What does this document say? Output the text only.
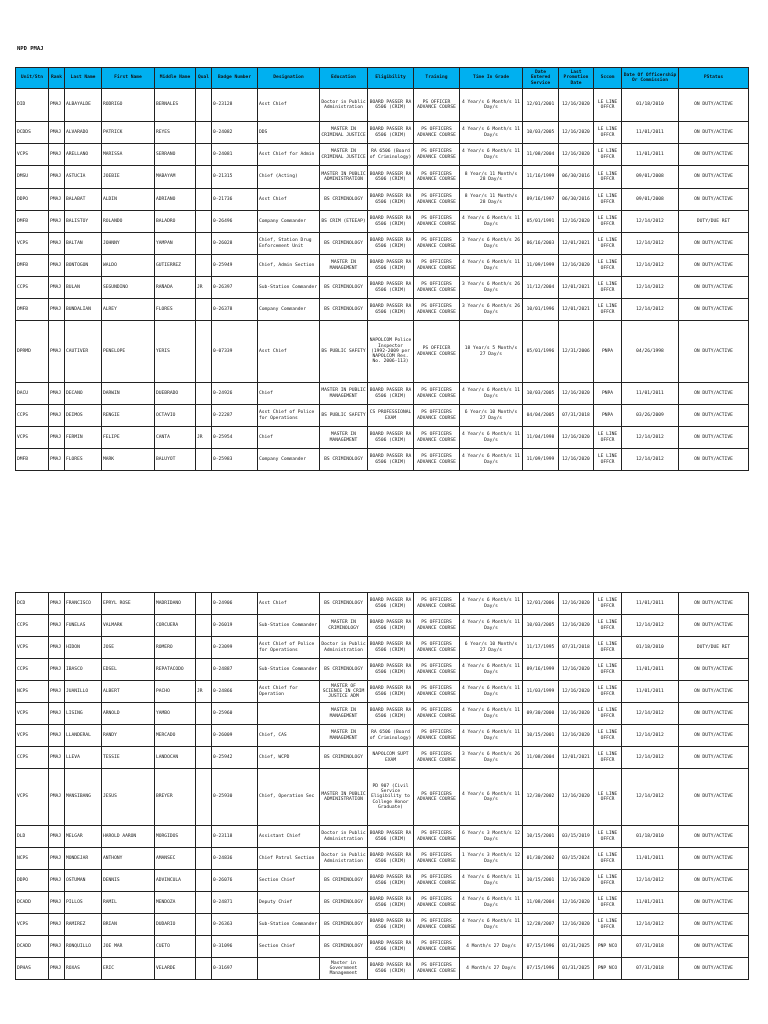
NPD PMAJ
Unit/Stn	Rank	Last Name	First Name	Middle Name	Qual	Badge Number	Designation	Education	Eligibility	Training	Time In Grade	Date Entered Service	Last Promotion Date	Sccom	Date Of Officership Or Commission	PStatus
DID	PMAJ	ALBAYALDE	RODRIGO	BERNALES		0-23128	Asst Chief	Doctor in Public Administration	BOARD PASSER RA 6506 (CRIM)	PS OFFICER ADVANCE COURSE	4 Year/s 6 Month/s 11 Day/s	12/01/2001	12/16/2020	LE LINE OFFCR	01/18/2010	ON DUTY/ACTIVE
DCDDS	PMAJ	ALVARADO	PATRICK	REYES		0-24082	DDS	MASTER IN CRIMINAL JUSTICE	BOARD PASSER RA 6506 (CRIM)	PS OFFICERS ADVANCE COURSE	4 Year/s 6 Month/s 11 Day/s	10/03/2005	12/16/2020	LE LINE OFFCR	11/01/2011	ON DUTY/ACTIVE
VCPS	PMAJ	ARELLANO	MARISSA	SERRANO		0-24081	Asst Chief for Admin	MASTER IN CRIMINAL JUSTICE	RA 6506 (Board of Criminology)	PS OFFICERS ADVANCE COURSE	4 Year/s 6 Month/s 11 Day/s	11/08/2004	12/16/2020	LE LINE OFFCR	11/01/2011	ON DUTY/ACTIVE
DMSU	PMAJ	ASTUCIA	JOEBIE	MABAYAM		0-21315	Chief (Acting)	MASTER IN PUBLIC ADMINISTRATION	BOARD PASSER RA 6506 (CRIM)	PS OFFICERS ADVANCE COURSE	8 Year/s 11 Month/s 28 Day/s	11/16/1999	06/30/2016	LE LINE OFFCR	09/01/2008	ON DUTY/ACTIVE
DDPO	PMAJ	BALABAT	ALDIN	ADRIANO		0-21736	Asst Chief	BS CRIMINOLOGY	BOARD PASSER RA 6506 (CRIM)	PS OFFICERS ADVANCE COURSE	8 Year/s 11 Month/s 28 Day/s	09/16/1997	06/30/2016	LE LINE OFFCR	09/01/2008	ON DUTY/ACTIVE
DMFB	PMAJ	BALISTOY	ROLANDO	BALADRO		0-26496	Company Commander	BS CRIM (ETEEAP)	BOARD PASSER RA 6506 (CRIM)	PS OFFICERS ADVANCE COURSE	4 Year/s 6 Month/s 11 Day/s	05/01/1991	12/16/2020	LE LINE OFFCR	12/14/2012	DUTY/DUE RET
VCPS	PMAJ	BALTAN	JOHNNY	YAMPAN		0-26028	Chief, Station Drug Enforcement Unit	BS CRIMINOLOGY	BOARD PASSER RA 6506 (CRIM)	PS OFFICERS ADVANCE COURSE	3 Year/s 6 Month/s 26 Day/s	06/16/2003	12/01/2021	LE LINE OFFCR	12/14/2012	ON DUTY/ACTIVE
DMFB	PMAJ	BONTOGON	WALDO	GUTIERREZ		0-25949	Chief, Admin Section	MASTER IN MANAGEMENT	BOARD PASSER RA 6506 (CRIM)	PS OFFICERS ADVANCE COURSE	4 Year/s 6 Month/s 11 Day/s	11/09/1999	12/16/2020	LE LINE OFFCR	12/14/2012	ON DUTY/ACTIVE
CCPS	PMAJ	BULAN	SEGUNDINO	RAÑADA	JR	0-26397	Sub-Station Commander	BS CRIMINOLOGY	BOARD PASSER RA 6506 (CRIM)	PS OFFICERS ADVANCE COURSE	3 Year/s 6 Month/s 26 Day/s	11/12/2004	12/01/2021	LE LINE OFFCR	12/14/2012	ON DUTY/ACTIVE
DMFB	PMAJ	BUNDALIAN	ALREY	FLORES		0-26378	Company Commander	BS CRIMINOLOGY	BOARD PASSER RA 6506 (CRIM)	PS OFFICERS ADVANCE COURSE	3 Year/s 6 Month/s 26 Day/s	10/01/1996	12/01/2021	LE LINE OFFCR	12/14/2012	ON DUTY/ACTIVE
DPRMD	PMAJ	CAUTIVER	PENELOPE	YERIS		0-07339	Asst Chief	BS PUBLIC SAFETY	NAPOLCOM Police Inspector (1992-2009 per NAPOLCOM Res. No. 2006-113)	PS OFFICER ADVANCE COURSE	18 Year/s 5 Month/s 27 Day/s	05/01/1996	12/31/2006	PNPA	04/26/1998	ON DUTY/ACTIVE
DACU	PMAJ	DECANO	DARWIN	DUEBRADO		0-24926	Chief	MASTER IN PUBLIC MANAGEMENT	BOARD PASSER RA 6506 (CRIM)	PS OFFICERS ADVANCE COURSE	4 Year/s 6 Month/s 11 Day/s	10/03/2005	12/16/2020	PNPA	11/01/2011	ON DUTY/ACTIVE
CCPS	PMAJ	DEIMOS	RENGIE	OCTAVIO		0-22287	Asst Chief of Police for Operations	BS PUBLIC SAFETY	CS PROFESSIONAL EXAM	PS OFFICERS ADVANCE COURSE	6 Year/s 10 Month/s 27 Day/s	04/04/2005	07/31/2018	PNPA	03/26/2009	ON DUTY/ACTIVE
VCPS	PMAJ	FERMIN	FELIPE	CANTA	JR	0-25954	Chief	MASTER IN MANAGEMENT	BOARD PASSER RA 6506 (CRIM)	PS OFFICERS ADVANCE COURSE	4 Year/s 6 Month/s 11 Day/s	11/04/1998	12/16/2020	LE LINE OFFCR	12/14/2012	ON DUTY/ACTIVE
DMFB	PMAJ	FLORES	MARK	BALUYOT		0-25983	Company Commander	BS CRIMINOLOGY	BOARD PASSER RA 6506 (CRIM)	PS OFFICERS ADVANCE COURSE	4 Year/s 6 Month/s 11 Day/s	11/09/1999	12/16/2020	LE LINE OFFCR	12/14/2012	ON DUTY/ACTIVE
DCD	PMAJ	FRANCISCO	EPRYL ROSE	MADRIDANO		0-24906	Asst Chief	BS CRIMINOLOGY	BOARD PASSER RA 6506 (CRIM)	PS OFFICERS ADVANCE COURSE	4 Year/s 6 Month/s 11 Day/s	12/01/2006	12/16/2020	LE LINE OFFCR	11/01/2011	ON DUTY/ACTIVE
CCPS	PMAJ	FUNELAS	VALMARK	CORCUERA		0-26019	Sub-Station Commander	MASTER IN CRIMINOLOGY	BOARD PASSER RA 6506 (CRIM)	PS OFFICERS ADVANCE COURSE	4 Year/s 6 Month/s 11 Day/s	10/03/2005	12/16/2020	LE LINE OFFCR	12/14/2012	ON DUTY/ACTIVE
VCPS	PMAJ	HIDON	JOSE	ROMERO		0-23099	Asst Chief of Police for Operations	Doctor in Public Administration	BOARD PASSER RA 6506 (CRIM)	PS OFFICERS ADVANCE COURSE	6 Year/s 10 Month/s 27 Day/s	11/17/1995	07/31/2018	LE LINE OFFCR	01/18/2010	DUTY/DUE RET
CCPS	PMAJ	IBASCO	EDSEL	REPATACODO		0-24887	Sub-Station Commander	BS CRIMINOLOGY	BOARD PASSER RA 6506 (CRIM)	PS OFFICERS ADVANCE COURSE	4 Year/s 6 Month/s 11 Day/s	09/16/1999	12/16/2020	LE LINE OFFCR	11/01/2011	ON DUTY/ACTIVE
NCPS	PMAJ	JUANILLO	ALBERT	PACHO	JR	0-24866	Asst Chief for Operation	MASTER OF SCIENCE IN CRIM JUSTICE ADM	BOARD PASSER RA 6506 (CRIM)	PS OFFICERS ADVANCE COURSE	4 Year/s 6 Month/s 11 Day/s	11/03/1999	12/16/2020	LE LINE OFFCR	11/01/2011	ON DUTY/ACTIVE
VCPS	PMAJ	LISING	ARNOLD	YAMBO		0-25960		MASTER IN MANAGEMENT	BOARD PASSER RA 6506 (CRIM)	PS OFFICERS ADVANCE COURSE	4 Year/s 6 Month/s 11 Day/s	09/30/2000	12/16/2020	LE LINE OFFCR	12/14/2012	ON DUTY/ACTIVE
VCPS	PMAJ	LLANDERAL	RANDY	MERCADO		0-26009	Chief, CAS	MASTER IN MANAGEMENT	RA 6506 (Board of Criminology)	PS OFFICERS ADVANCE COURSE	4 Year/s 6 Month/s 11 Day/s	10/15/2001	12/16/2020	LE LINE OFFCR	12/14/2012	ON DUTY/ACTIVE
CCPS	PMAJ	LLEVA	TESSIE	LANDOCAN		0-25942	Chief, WCPD	BS CRIMINOLOGY	NAPOLCOM SUPT EXAM	PS OFFICERS ADVANCE COURSE	3 Year/s 6 Month/s 26 Day/s	11/08/2004	12/01/2021	LE LINE OFFCR	12/14/2012	ON DUTY/ACTIVE
VCPS	PMAJ	MANSIBANG	JESUS	BREYER		0-25930	Chief, Operation Sec	MASTER IN PUBLIC ADMINISTRATION	PD 907 (Civil Service Eligibility to College Honor Graduate)	PS OFFICERS ADVANCE COURSE	4 Year/s 6 Month/s 11 Day/s	12/30/2002	12/16/2020	LE LINE OFFCR	12/14/2012	ON DUTY/ACTIVE
DLD	PMAJ	MELGAR	HAROLD AARON	MORGIDOS		0-23118	Assistant Chief	Doctor in Public Administration	BOARD PASSER RA 6506 (CRIM)	PS OFFICERS ADVANCE COURSE	6 Year/s 3 Month/s 12 Day/s	10/15/2001	03/15/2019	LE LINE OFFCR	01/18/2010	ON DUTY/ACTIVE
NCPS	PMAJ	MONDEJAR	ANTHONY	AMANSEC		0-24836	Chief Patrol Section	Doctor in Public Administration	BOARD PASSER RA 6506 (CRIM)	PS OFFICERS ADVANCE COURSE	1 Year/s 3 Month/s 12 Day/s	01/30/2002	03/15/2024	LE LINE OFFCR	11/01/2011	ON DUTY/ACTIVE
DDPO	PMAJ	OSTUMAN	DENNIS	ADVINCULA		0-26076	Section Chief	BS CRIMINOLOGY	BOARD PASSER RA 6506 (CRIM)	PS OFFICERS ADVANCE COURSE	4 Year/s 6 Month/s 11 Day/s	10/15/2001	12/16/2020	LE LINE OFFCR	12/14/2012	ON DUTY/ACTIVE
DCADD	PMAJ	PILLOS	RAMIL	MENDOZA		0-24871	Deputy Chief	BS CRIMINOLOGY	BOARD PASSER RA 6506 (CRIM)	PS OFFICERS ADVANCE COURSE	4 Year/s 6 Month/s 11 Day/s	11/08/2004	12/16/2020	LE LINE OFFCR	11/01/2011	ON DUTY/ACTIVE
VCPS	PMAJ	RAMIREZ	BRIAN	DUDARIO		0-26363	Sub-Station Commander	BS CRIMINOLOGY	BOARD PASSER RA 6506 (CRIM)	PS OFFICERS ADVANCE COURSE	4 Year/s 6 Month/s 11 Day/s	12/28/2007	12/16/2020	LE LINE OFFCR	12/14/2012	ON DUTY/ACTIVE
DCADD	PMAJ	RONQUILLO	JOE MAR	CUETO		0-31096	Section Chief	BS CRIMINOLOGY	BOARD PASSER RA 6506 (CRIM)	PS OFFICERS ADVANCE COURSE	4 Month/s 27 Day/s	07/15/1996	01/31/2025	PNP NCO	07/31/2018	ON DUTY/ACTIVE
DPHAS	PMAJ	ROXAS	ERIC	VELARDE		0-31697		Master in Government Management	BOARD PASSER RA 6506 (CRIM)	PS OFFICERS ADVANCE COURSE	4 Month/s 27 Day/s	07/15/1996	01/31/2025	PNP NCO	07/31/2018	ON DUTY/ACTIVE
